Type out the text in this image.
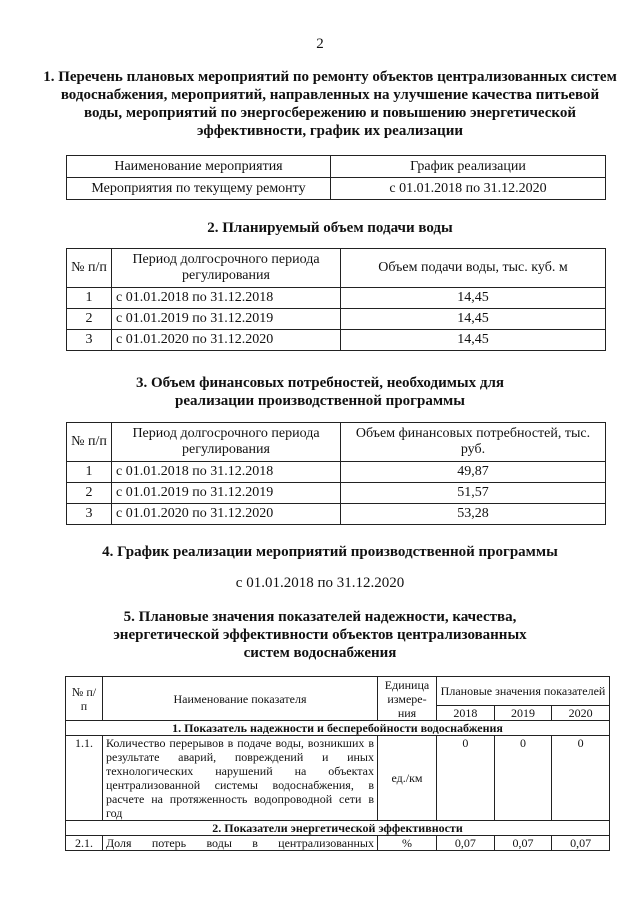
2

1. Перечень плановых мероприятий по ремонту объектов централизованных систем водоснабжения, мероприятий, направленных на улучшение качества питьевой воды, мероприятий по энергосбережению и повышению энергетической эффективности, график их реализации

Наименование мероприятия	График реализации
Мероприятия по текущему ремонту	с 01.01.2018 по 31.12.2020

2. Планируемый объем подачи воды

№ п/п	Период долгосрочного периода регулирования	Объем подачи воды, тыс. куб. м
1	с 01.01.2018 по 31.12.2018	14,45
2	с 01.01.2019 по 31.12.2019	14,45
3	с 01.01.2020 по 31.12.2020	14,45

3. Объем финансовых потребностей, необходимых для реализации производственной программы

№ п/п	Период долгосрочного периода регулирования	Объем финансовых потребностей, тыс. руб.
1	с 01.01.2018 по 31.12.2018	49,87
2	с 01.01.2019 по 31.12.2019	51,57
3	с 01.01.2020 по 31.12.2020	53,28

4. График реализации мероприятий производственной программы

с 01.01.2018 по 31.12.2020

5. Плановые значения показателей надежности, качества, энергетической эффективности объектов централизованных систем водоснабжения

№ п/п	Наименование показателя	Единица измере-ния	Плановые значения показателей		
			2018	2019	2020
1. Показатель надежности и бесперебойности водоснабжения					
1.1.	Количество перерывов в подаче воды, возникших в результате аварий, повреждений и иных технологических нарушений на объектах централизованной системы водоснабжения, в расчете на протяженность водопроводной сети в год	ед./км	0	0	0
2. Показатели энергетической эффективности					
2.1.	Доля потерь воды в централизованных	%	0,07	0,07	0,07
